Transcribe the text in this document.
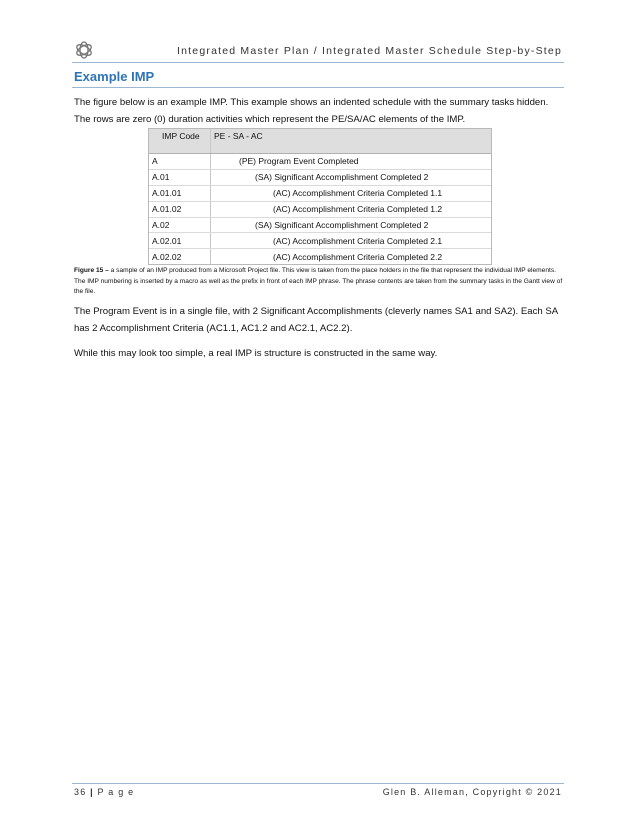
Integrated Master Plan / Integrated Master Schedule Step-by-Step
Example IMP
The figure below is an example IMP. This example shows an indented schedule with the summary tasks hidden. The rows are zero (0) duration activities which represent the PE/SA/AC elements of the IMP.
IMP Code	PE - SA - AC
A	(PE) Program Event Completed
A.01	(SA) Significant Accomplishment Completed 2
A.01.01	(AC) Accomplishment Criteria Completed 1.1
A.01.02	(AC) Accomplishment Criteria Completed 1.2
A.02	(SA) Significant Accomplishment Completed 2
A.02.01	(AC) Accomplishment Criteria Completed 2.1
A.02.02	(AC) Accomplishment Criteria Completed 2.2
Figure 15 – a sample of an IMP produced from a Microsoft Project file. This view is taken from the place holders in the file that represent the individual IMP elements. The IMP numbering is inserted by a macro as well as the prefix in front of each IMP phrase. The phrase contents are taken from the summary tasks in the Gantt view of the file.
The Program Event is in a single file, with 2 Significant Accomplishments (cleverly names SA1 and SA2). Each SA has 2 Accomplishment Criteria (AC1.1, AC1.2 and AC2.1, AC2.2).
While this may look too simple, a real IMP is structure is constructed in the same way.
36 | P a g e	Glen B. Alleman, Copyright © 2021
